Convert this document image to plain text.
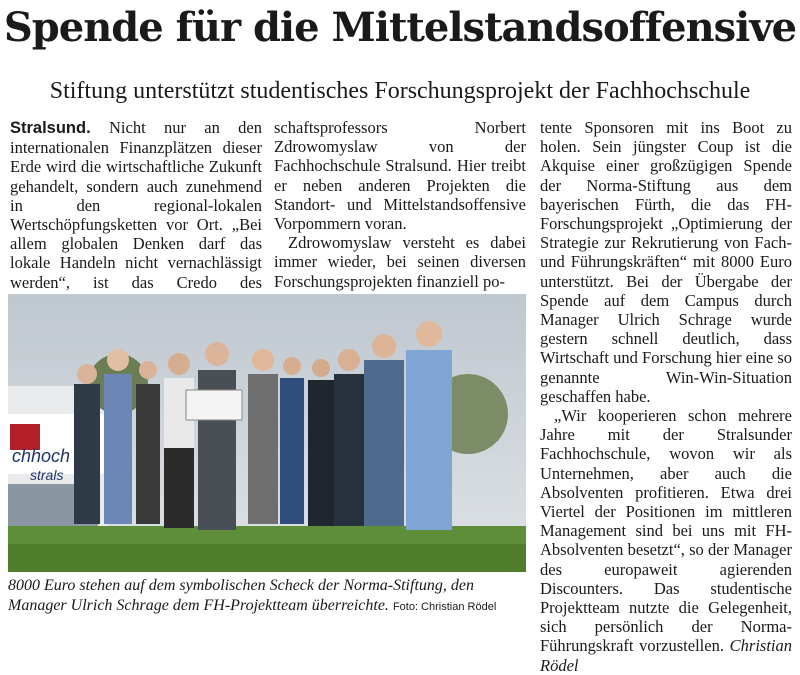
Spende für die Mittelstandsoffensive
Stiftung unterstützt studentisches Forschungsprojekt der Fachhochschule

Stralsund. Nicht nur an den internationalen Finanzplätzen dieser Erde wird die wirtschaftliche Zukunft gehandelt, sondern auch zunehmend in den regional-lokalen Wertschöpfungsketten vor Ort. „Bei allem globalen Denken darf das lokale Handeln nicht vernachlässigt werden“, ist das Credo des

schaftsprofessors Norbert Zdrowomyslaw von der Fachhochschule Stralsund. Hier treibt er neben anderen Projekten die Standort- und Mittelstandsoffensive Vorpommern voran.

Zdrowomyslaw versteht es dabei immer wieder, bei seinen diversen Forschungsprojekten finanziell po-

tente Sponsoren mit ins Boot zu holen. Sein jüngster Coup ist die Akquise einer großzügigen Spende der Norma-Stiftung aus dem bayerischen Fürth, die das FH-Forschungsprojekt „Optimierung der Strategie zur Rekrutierung von Fach- und Führungskräften“ mit 8000 Euro unterstützt. Bei der Übergabe der Spende auf dem Campus durch Manager Ulrich Schrage wurde gestern schnell deutlich, dass Wirtschaft und Forschung hier eine so genannte Win-Win-Situation geschaffen habe.

„Wir kooperieren schon mehrere Jahre mit der Stralsunder Fachhochschule, wovon wir als Unternehmen, aber auch die Absolventen profitieren. Etwa drei Viertel der Positionen im mittleren Management sind bei uns mit FH-Absolventen besetzt“, so der Manager des europaweit agierenden Discounters. Das studentische Projektteam nutzte die Gelegenheit, sich persönlich der Norma-Führungskraft vorzustellen. Christian Rödel

chhoch
strals
8000 Euro stehen auf dem symbolischen Scheck der Norma-Stiftung, den Manager Ulrich Schrage dem FH-Projektteam überreichte. Foto: Christian Rödel
